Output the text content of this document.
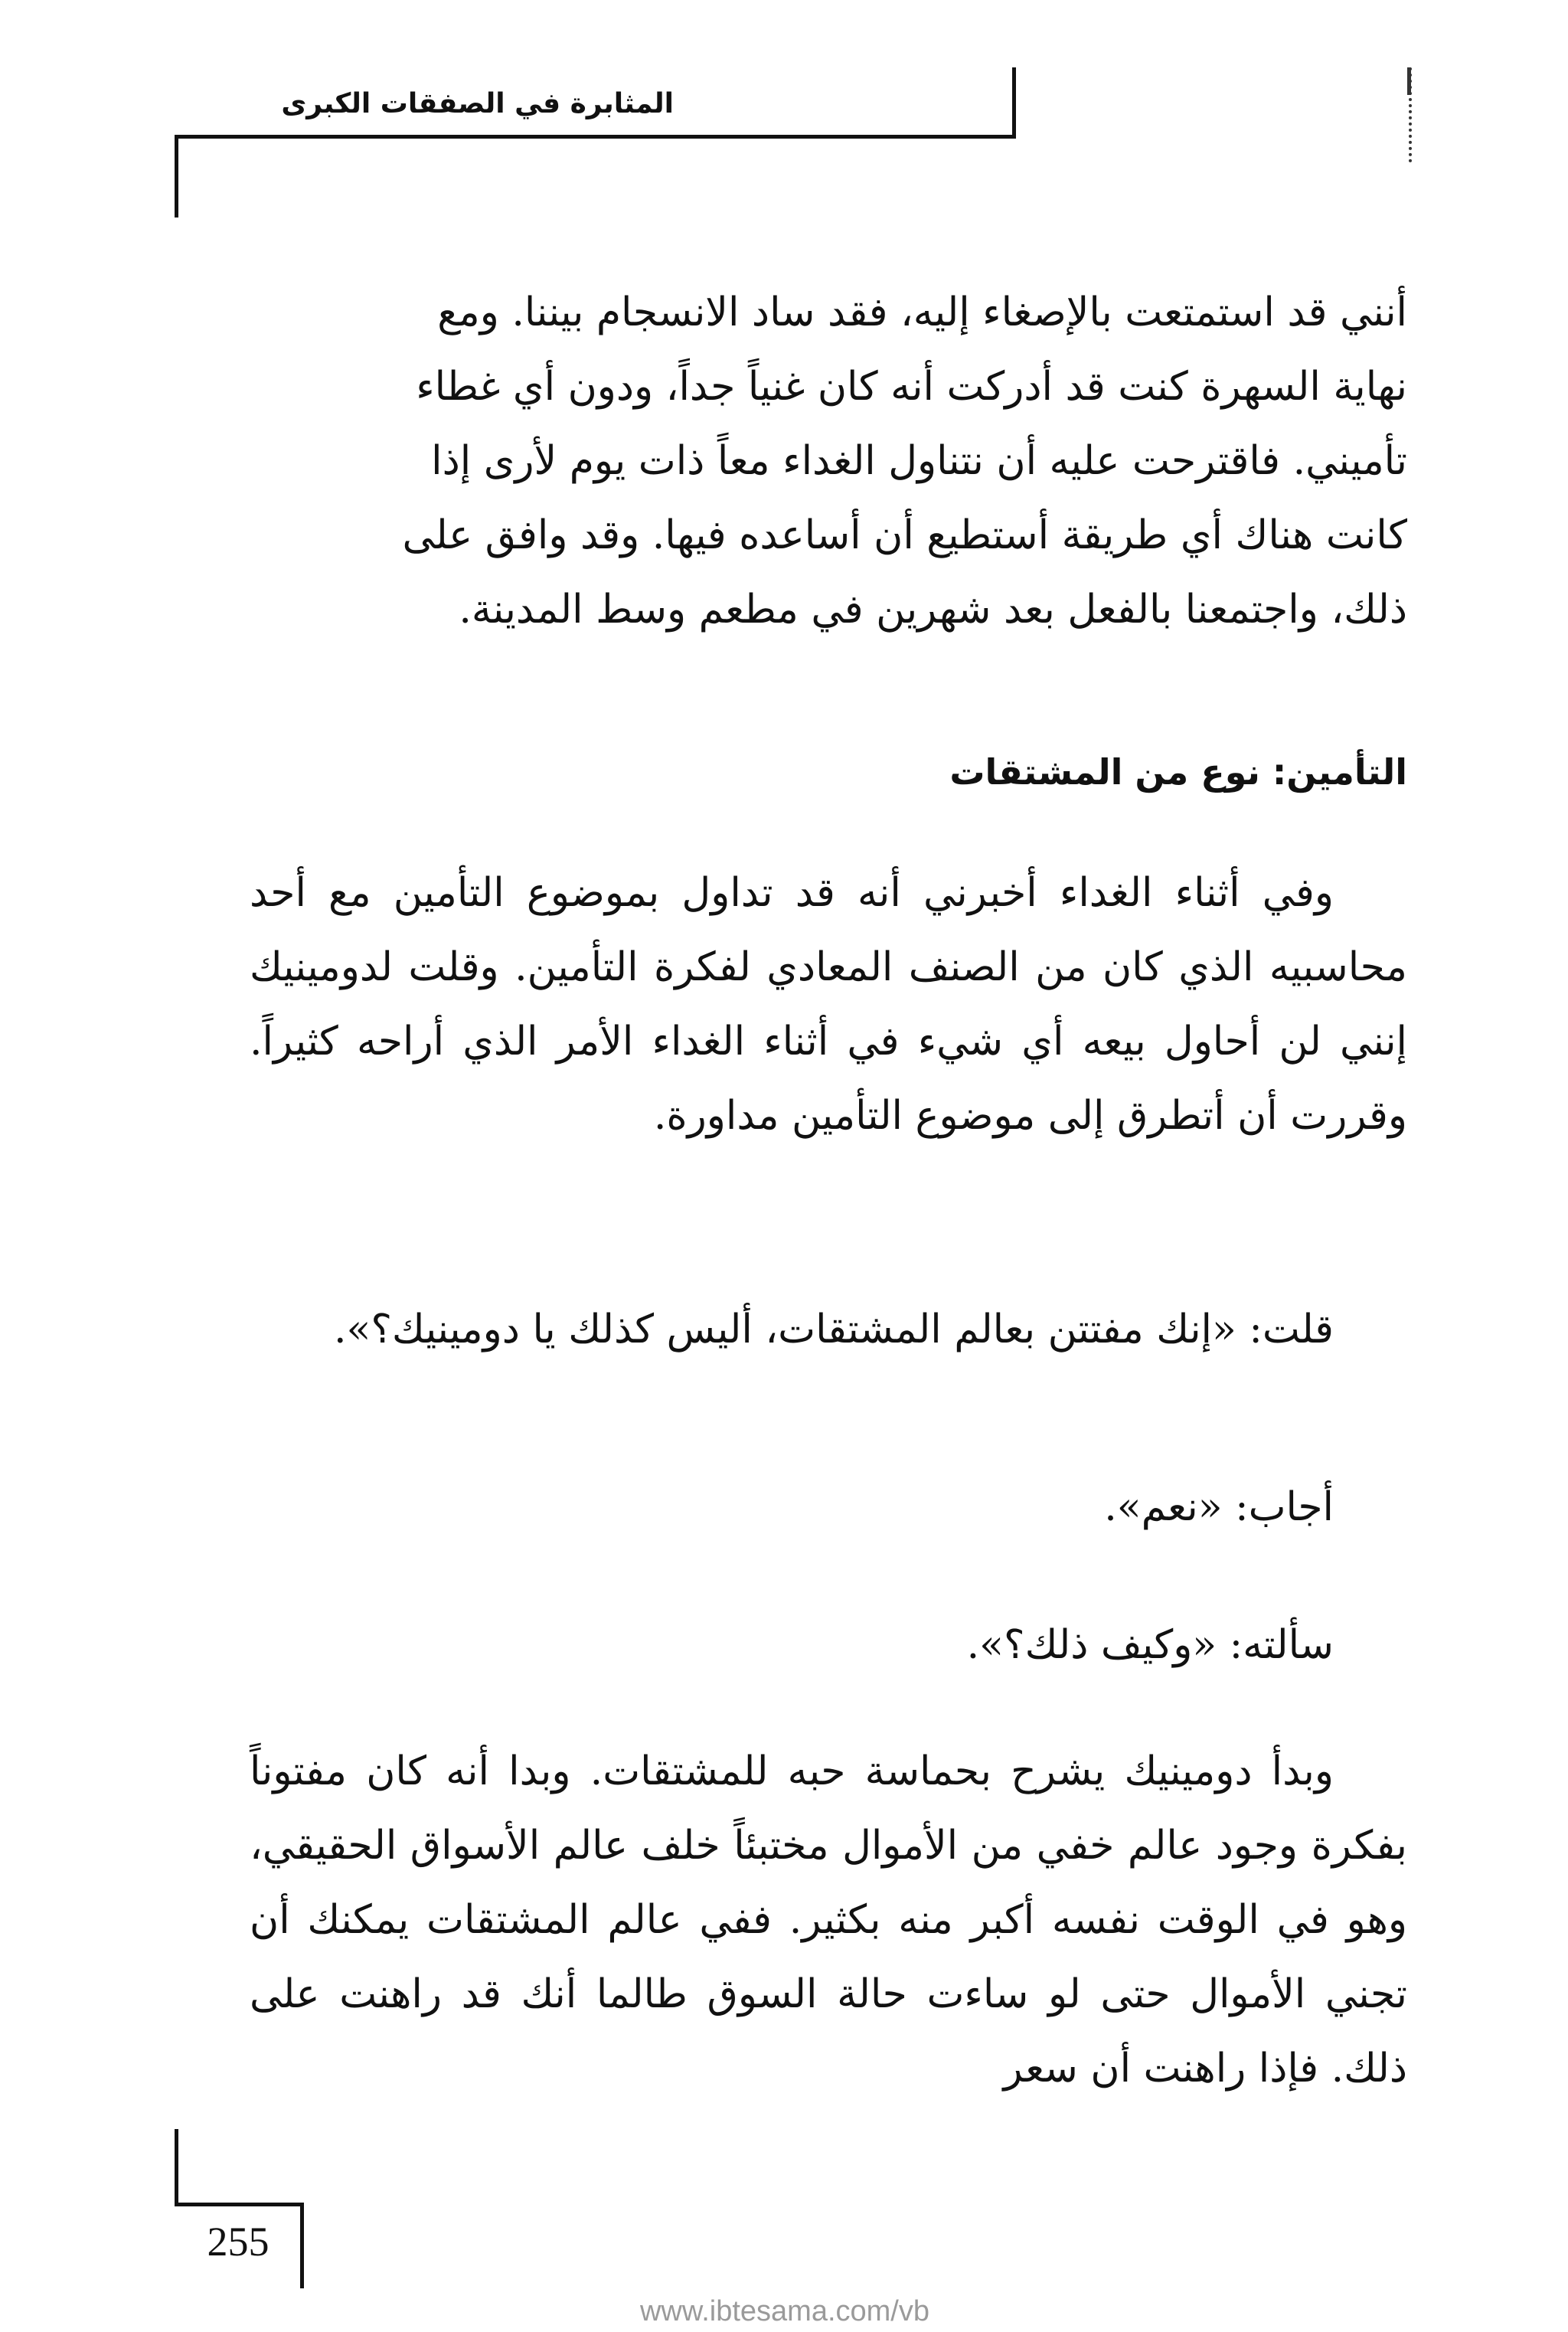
المثابرة في الصفقات الكبرى
أنني قد استمتعت بالإصغاء إليه، فقد ساد الانسجام بيننا. ومع
نهاية السهرة كنت قد أدركت أنه كان غنياً جداً، ودون أي غطاء
تأميني. فاقترحت عليه أن نتناول الغداء معاً ذات يوم لأرى إذا
كانت هناك أي طريقة أستطيع أن أساعده فيها. وقد وافق على
ذلك، واجتمعنا بالفعل بعد شهرين في مطعم وسط المدينة.
التأمين: نوع من المشتقات

وفي أثناء الغداء أخبرني أنه قد تداول بموضوع التأمين مع أحد محاسبيه الذي كان من الصنف المعادي لفكرة التأمين. وقلت لدومينيك إنني لن أحاول بيعه أي شيء في أثناء الغداء الأمر الذي أراحه كثيراً. وقررت أن أتطرق إلى موضوع التأمين مداورة.

قلت: «إنك مفتتن بعالم المشتقات، أليس كذلك يا دومينيك؟».

أجاب: «نعم».

سألته: «وكيف ذلك؟».

وبدأ دومينيك يشرح بحماسة حبه للمشتقات. وبدا أنه كان مفتوناً بفكرة وجود عالم خفي من الأموال مختبئاً خلف عالم الأسواق الحقيقي، وهو في الوقت نفسه أكبر منه بكثير. ففي عالم المشتقات يمكنك أن تجني الأموال حتى لو ساءت حالة السوق طالما أنك قد راهنت على ذلك. فإذا راهنت أن سعر

255
www.ibtesama.com/vb
